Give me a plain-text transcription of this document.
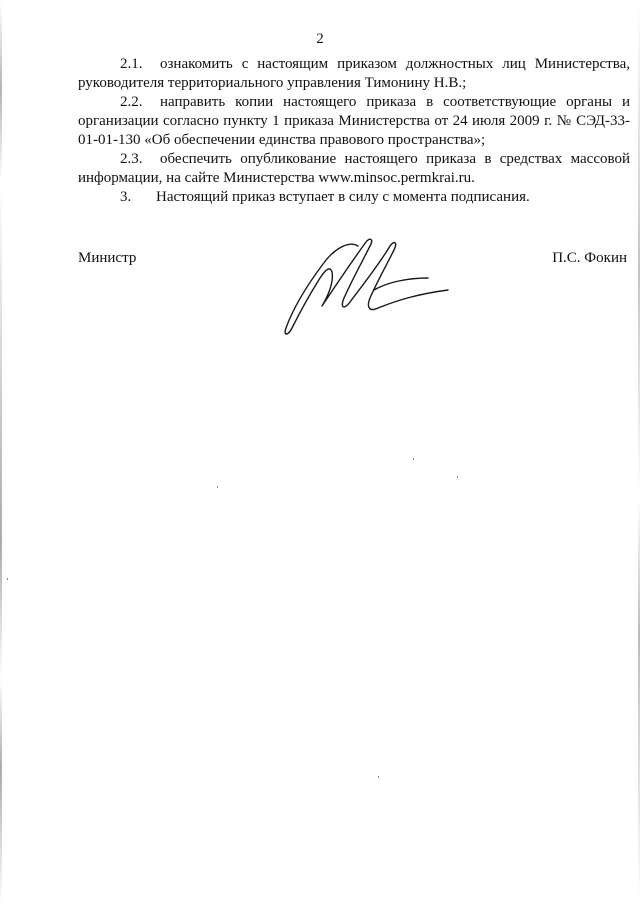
2

2.1. ознакомить с настоящим приказом должностных лиц Министерства, руководителя территориального управления Тимонину Н.В.;

2.2. направить копии настоящего приказа в соответствующие органы и организации согласно пункту 1 приказа Министерства от 24 июля 2009 г. № СЭД-33-01-01-130 «Об обеспечении единства правового пространства»;

2.3. обеспечить опубликование настоящего приказа в средствах массовой информации, на сайте Министерства www.minsoc.permkrai.ru.

3. Настоящий приказ вступает в силу с момента подписания.

Министр	П.С. Фокин
